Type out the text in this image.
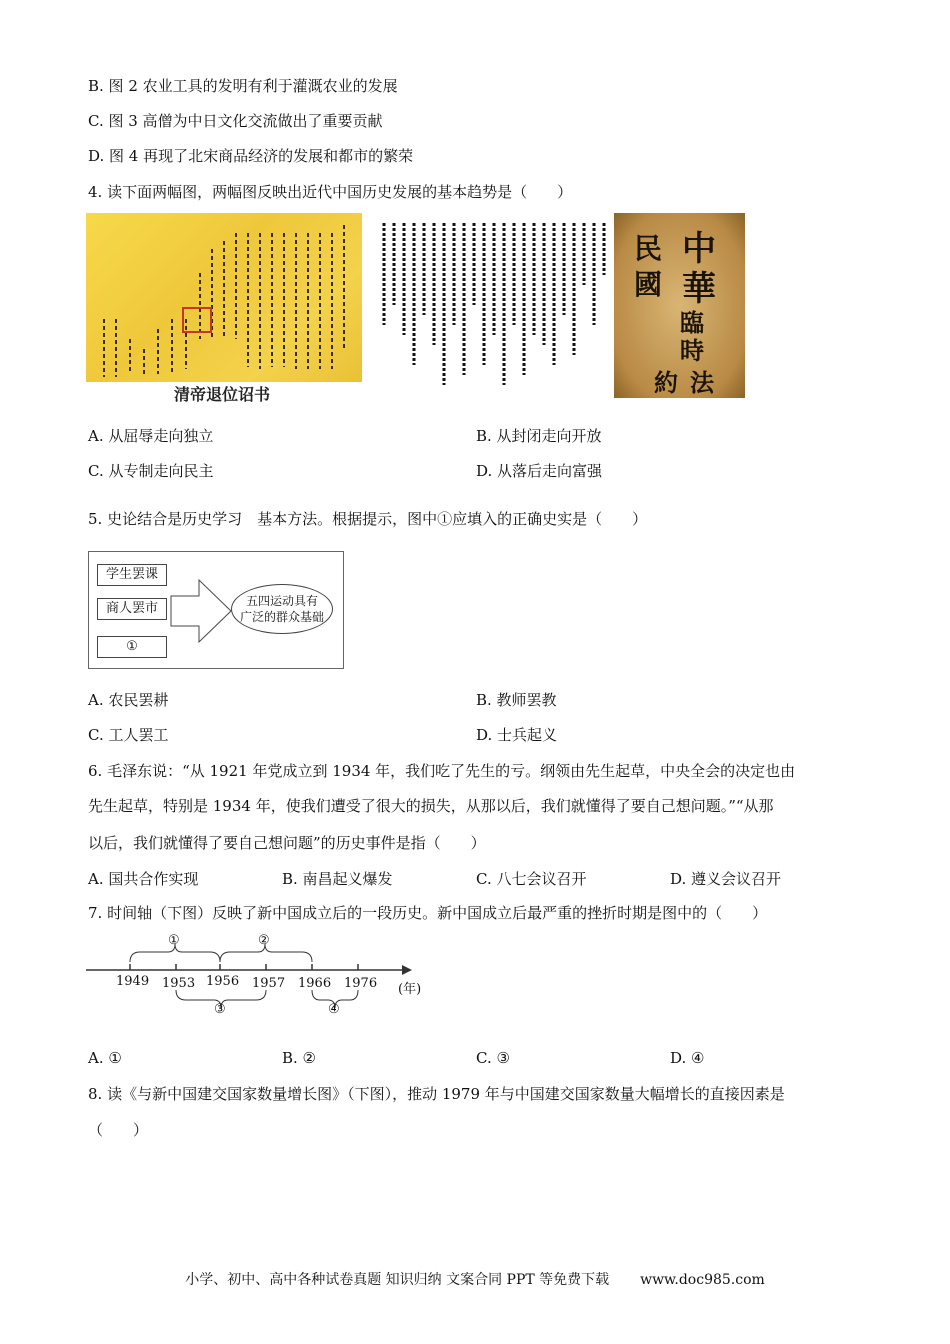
B. 图 2 农业工具的发明有利于灌溉农业的发展
C. 图 3 高僧为中日文化交流做出了重要贡献
D. 图 4 再现了北宋商品经济的发展和都市的繁荣
4. 读下面两幅图，两幅图反映出近代中国历史发展的基本趋势是（　　）
清帝退位诏书
中
華
民
國
臨
時
約 法
A. 从屈辱走向独立	B. 从封闭走向开放
C. 从专制走向民主	D. 从落后走向富强
5. 史论结合是历史学习　基本方法。根据提示，图中①应填入的正确史实是（　　）
学生罢课
商人罢市
①
五四运动具有
广泛的群众基础
A. 农民罢耕	B. 教师罢教
C. 工人罢工	D. 士兵起义
6. 毛泽东说：“从 1921 年党成立到 1934 年，我们吃了先生的亏。纲领由先生起草，中央全会的决定也由
先生起草，特别是 1934 年，使我们遭受了很大的损失，从那以后，我们就懂得了要自己想问题。”“从那
以后，我们就懂得了要自己想问题”的历史事件是指（　　）
A. 国共合作实现	B. 南昌起义爆发	C. 八七会议召开	D. 遵义会议召开
7. 时间轴（下图）反映了新中国成立后的一段历史。新中国成立后最严重的挫折时期是图中的（　　）
①	②
1949 1953 1956 1957 1966 1976 (年)
③	④
A. ①	B. ②	C. ③	D. ④
8. 读《与新中国建交国家数量增长图》（下图），推动 1979 年与中国建交国家数量大幅增长的直接因素是
（　　）
小学、初中、高中各种试卷真题 知识归纳 文案合同 PPT 等免费下载 www.doc985.com
